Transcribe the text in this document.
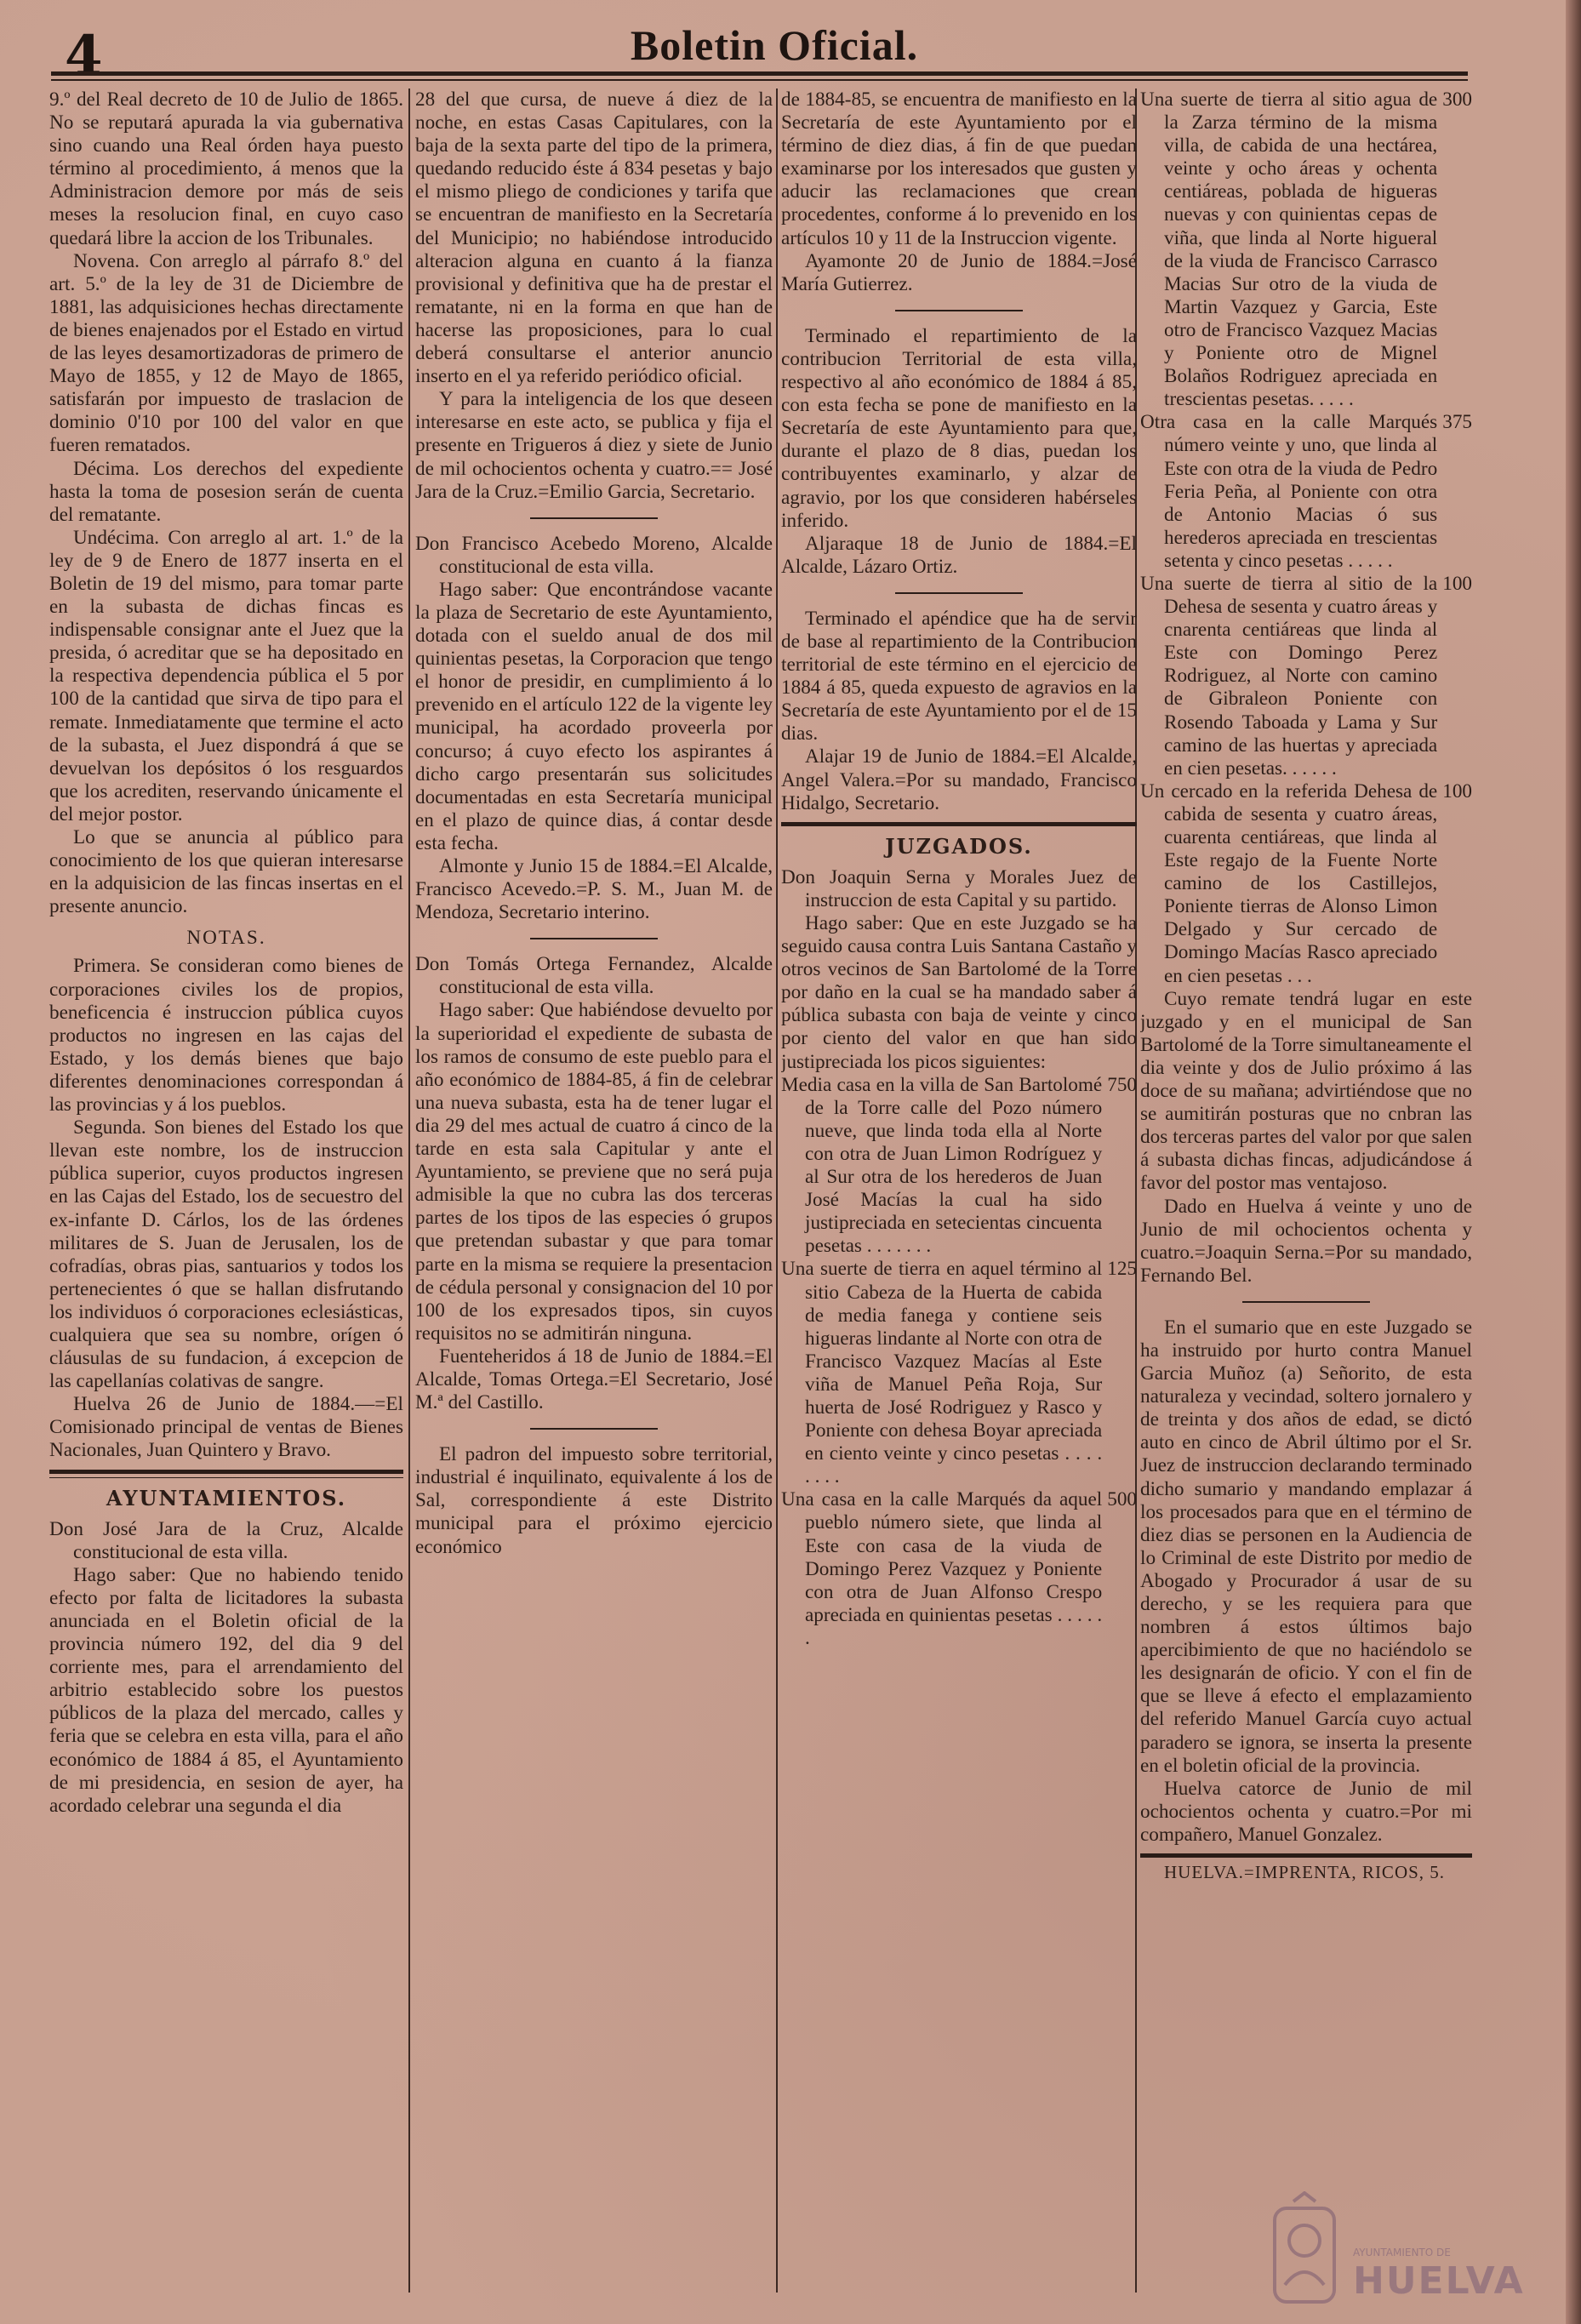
4	Boletin Oficial.

9.º del Real decreto de 10 de Julio de 1865. No se reputará apurada la via gubernativa sino cuando una Real órden haya puesto término al procedimiento, á menos que la Administracion demore por más de seis meses la resolucion final, en cuyo caso quedará libre la accion de los Tribunales.

Novena. Con arreglo al párrafo 8.º del art. 5.º de la ley de 31 de Diciembre de 1881, las adquisiciones hechas directamente de bienes enajenados por el Estado en virtud de las leyes desamortizadoras de primero de Mayo de 1855, y 12 de Mayo de 1865, satisfarán por impuesto de traslacion de dominio 0'10 por 100 del valor en que fueren rematados.

Décima. Los derechos del expediente hasta la toma de posesion serán de cuenta del rematante.

Undécima. Con arreglo al art. 1.º de la ley de 9 de Enero de 1877 inserta en el Boletin de 19 del mismo, para tomar parte en la subasta de dichas fincas es indispensable consignar ante el Juez que la presida, ó acreditar que se ha depositado en la respectiva dependencia pública el 5 por 100 de la cantidad que sirva de tipo para el remate. Inmediatamente que termine el acto de la subasta, el Juez dispondrá á que se devuelvan los depósitos ó los resguardos que los acrediten, reservando únicamente el del mejor postor.

Lo que se anuncia al público para conocimiento de los que quieran interesarse en la adquisicion de las fincas insertas en el presente anuncio.

NOTAS.

Primera. Se consideran como bienes de corporaciones civiles los de propios, beneficencia é instruccion pública cuyos productos no ingresen en las cajas del Estado, y los demás bienes que bajo diferentes denominaciones correspondan á las provincias y á los pueblos.

Segunda. Son bienes del Estado los que llevan este nombre, los de instruccion pública superior, cuyos productos ingresen en las Cajas del Estado, los de secuestro del ex-infante D. Cárlos, los de las órdenes militares de S. Juan de Jerusalen, los de cofradías, obras pias, santuarios y todos los pertenecientes ó que se hallan disfrutando los individuos ó corporaciones eclesiásticas, cualquiera que sea su nombre, orígen ó cláusulas de su fundacion, á excepcion de las capellanías colativas de sangre.

Huelva 26 de Junio de 1884.—=El Comisionado principal de ventas de Bienes Nacionales, Juan Quintero y Bravo.

AYUNTAMIENTOS.

Don José Jara de la Cruz, Alcalde constitucional de esta villa.

Hago saber: Que no habiendo tenido efecto por falta de licitadores la subasta anunciada en el Boletin oficial de la provincia número 192, del dia 9 del corriente mes, para el arrendamiento del arbitrio establecido sobre los puestos públicos de la plaza del mercado, calles y feria que se celebra en esta villa, para el año económico de 1884 á 85, el Ayuntamiento de mi presidencia, en sesion de ayer, ha acordado celebrar una segunda el dia

28 del que cursa, de nueve á diez de la noche, en estas Casas Capitulares, con la baja de la sexta parte del tipo de la primera, quedando reducido éste á 834 pesetas y bajo el mismo pliego de condiciones y tarifa que se encuentran de manifiesto en la Secretaría del Municipio; no habiéndose introducido alteracion alguna en cuanto á la fianza provisional y definitiva que ha de prestar el rematante, ni en la forma en que han de hacerse las proposiciones, para lo cual deberá consultarse el anterior anuncio inserto en el ya referido periódico oficial.

Y para la inteligencia de los que deseen interesarse en este acto, se publica y fija el presente en Trigueros á diez y siete de Junio de mil ochocientos ochenta y cuatro.== José Jara de la Cruz.=Emilio Garcia, Secretario.

Don Francisco Acebedo Moreno, Alcalde constitucional de esta villa.

Hago saber: Que encontrándose vacante la plaza de Secretario de este Ayuntamiento, dotada con el sueldo anual de dos mil quinientas pesetas, la Corporacion que tengo el honor de presidir, en cumplimiento á lo prevenido en el artículo 122 de la vigente ley municipal, ha acordado proveerla por concurso; á cuyo efecto los aspirantes á dicho cargo presentarán sus solicitudes documentadas en esta Secretaría municipal en el plazo de quince dias, á contar desde esta fecha.

Almonte y Junio 15 de 1884.=El Alcalde, Francisco Acevedo.=P. S. M., Juan M. de Mendoza, Secretario interino.

Don Tomás Ortega Fernandez, Alcalde constitucional de esta villa.

Hago saber: Que habiéndose devuelto por la superioridad el expediente de subasta de los ramos de consumo de este pueblo para el año económico de 1884-85, á fin de celebrar una nueva subasta, esta ha de tener lugar el dia 29 del mes actual de cuatro á cinco de la tarde en esta sala Capitular y ante el Ayuntamiento, se previene que no será puja admisible la que no cubra las dos terceras partes de los tipos de las especies ó grupos que pretendan subastar y que para tomar parte en la misma se requiere la presentacion de cédula personal y consignacion del 10 por 100 de los expresados tipos, sin cuyos requisitos no se admitirán ninguna.

Fuenteheridos á 18 de Junio de 1884.=El Alcalde, Tomas Ortega.=El Secretario, José M.ª del Castillo.

El padron del impuesto sobre territorial, industrial é inquilinato, equivalente á los de Sal, correspondiente á este Distrito municipal para el próximo ejercicio económico

de 1884-85, se encuentra de manifiesto en la Secretaría de este Ayuntamiento por el término de diez dias, á fin de que puedan examinarse por los interesados que gusten y aducir las reclamaciones que crean procedentes, conforme á lo prevenido en los artículos 10 y 11 de la Instruccion vigente.

Ayamonte 20 de Junio de 1884.=José María Gutierrez.

Terminado el repartimiento de la contribucion Territorial de esta villa, respectivo al año económico de 1884 á 85, con esta fecha se pone de manifiesto en la Secretaría de este Ayuntamiento para que, durante el plazo de 8 dias, puedan los contribuyentes examinarlo, y alzar de agravio, por los que consideren habérseles inferido.

Aljaraque 18 de Junio de 1884.=El Alcalde, Lázaro Ortiz.

Terminado el apéndice que ha de servir de base al repartimiento de la Contribucion territorial de este término en el ejercicio de 1884 á 85, queda expuesto de agravios en la Secretaría de este Ayuntamiento por el de 15 dias.

Alajar 19 de Junio de 1884.=El Alcalde, Angel Valera.=Por su mandado, Francisco Hidalgo, Secretario.

JUZGADOS.

Don Joaquin Serna y Morales Juez de instruccion de esta Capital y su partido.

Hago saber: Que en este Juzgado se ha seguido causa contra Luis Santana Castaño y otros vecinos de San Bartolomé de la Torre por daño en la cual se ha mandado saber á pública subasta con baja de veinte y cinco por ciento del valor en que han sido justipreciada los picos siguientes:

Media casa en la villa de San Bartolomé de la Torre calle del Pozo número nueve, que linda toda ella al Norte con otra de Juan Limon Rodríguez y al Sur otra de los herederos de Juan José Macías la cual ha sido justipreciada en setecientas cincuenta pesetas . . . . . . .

750

Una suerte de tierra en aquel término al sitio Cabeza de la Huerta de cabida de media fanega y contiene seis higueras lindante al Norte con otra de Francisco Vazquez Macías al Este viña de Manuel Peña Roja, Sur huerta de José Rodriguez y Rasco y Poniente con dehesa Boyar apreciada en ciento veinte y cinco pesetas . . . . . . . .

125

Una casa en la calle Marqués da aquel pueblo número siete, que linda al Este con casa de la viuda de Domingo Perez Vazquez y Poniente con otra de Juan Alfonso Crespo apreciada en quinientas pesetas . . . . . .

500

Una suerte de tierra al sitio agua de la Zarza término de la misma villa, de cabida de una hectárea, veinte y ocho áreas y ochenta centiáreas, poblada de higueras nuevas y con quinientas cepas de viña, que linda al Norte higueral de la viuda de Francisco Carrasco Macias Sur otro de la viuda de Martin Vazquez y Garcia, Este otro de Francisco Vazquez Macias y Poniente otro de Mignel Bolaños Rodriguez apreciada en trescientas pesetas. . . . .

300

Otra casa en la calle Marqués número veinte y uno, que linda al Este con otra de la viuda de Pedro Feria Peña, al Poniente con otra de Antonio Macias ó sus herederos apreciada en trescientas setenta y cinco pesetas . . . . .

375

Una suerte de tierra al sitio de la Dehesa de sesenta y cuatro áreas y cnarenta centiáreas que linda al Este con Domingo Perez Rodriguez, al Norte con camino de Gibraleon Poniente con Rosendo Taboada y Lama y Sur camino de las huertas y apreciada en cien pesetas. . . . . .

100

Un cercado en la referida Dehesa de cabida de sesenta y cuatro áreas, cuarenta centiáreas, que linda al Este regajo de la Fuente Norte camino de los Castillejos, Poniente tierras de Alonso Limon Delgado y Sur cercado de Domingo Macías Rasco apreciado en cien pesetas . . .

100

Cuyo remate tendrá lugar en este juzgado y en el municipal de San Bartolomé de la Torre simultaneamente el dia veinte y dos de Julio próximo á las doce de su mañana; advirtiéndose que no se aumitirán posturas que no cnbran las dos terceras partes del valor por que salen á subasta dichas fincas, adjudicándose á favor del postor mas ventajoso.

Dado en Huelva á veinte y uno de Junio de mil ochocientos ochenta y cuatro.=Joaquin Serna.=Por su mandado, Fernando Bel.

En el sumario que en este Juzgado se ha instruido por hurto contra Manuel Garcia Muñoz (a) Señorito, de esta naturaleza y vecindad, soltero jornalero y de treinta y dos años de edad, se dictó auto en cinco de Abril último por el Sr. Juez de instruccion declarando terminado dicho sumario y mandando emplazar á los procesados para que en el término de diez dias se personen en la Audiencia de lo Criminal de este Distrito por medio de Abogado y Procurador á usar de su derecho, y se les requiera para que nombren á estos últimos bajo apercibimiento de que no haciéndolo se les designarán de oficio. Y con el fin de que se lleve á efecto el emplazamiento del referido Manuel García cuyo actual paradero se ignora, se inserta la presente en el boletin oficial de la provincia.

Huelva catorce de Junio de mil ochocientos ochenta y cuatro.=Por mi compañero, Manuel Gonzalez.

HUELVA.=IMPRENTA, RICOS, 5.

AYUNTAMIENTO DE
HUELVA
